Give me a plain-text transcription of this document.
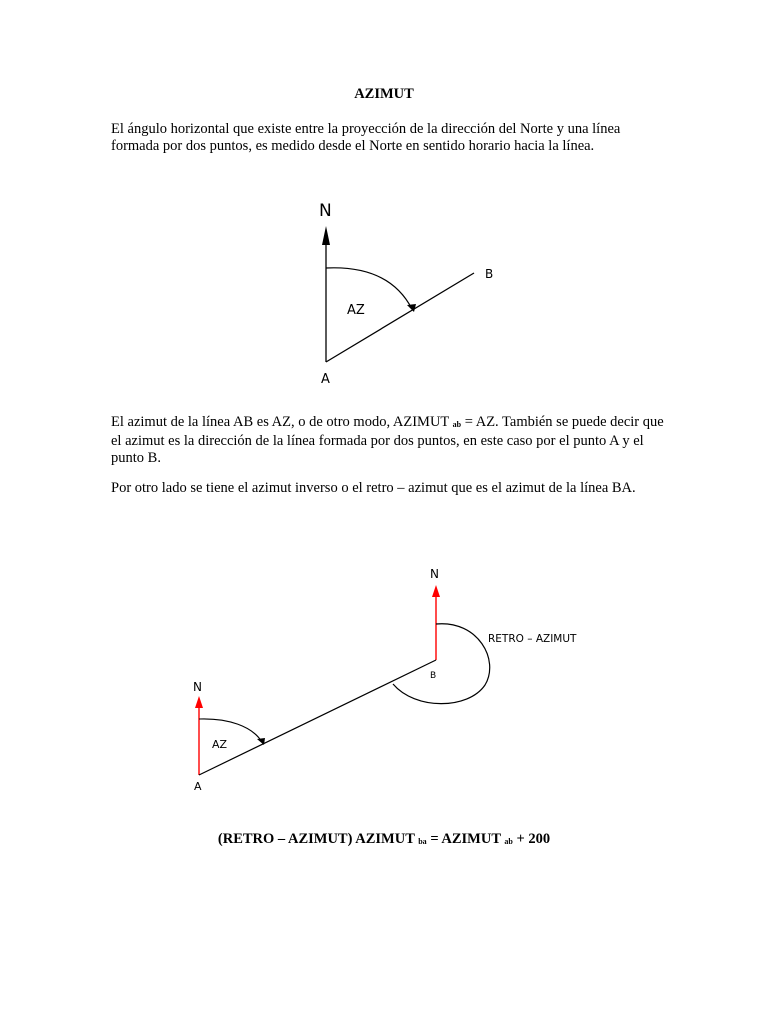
AZIMUT

El ángulo horizontal que existe entre la proyección de la dirección del Norte y una línea formada por dos puntos, es medido desde el Norte en sentido horario hacia la línea.

N
AZ
A
B

El azimut de la línea AB es AZ, o de otro modo, AZIMUT $_{ab}$ = AZ. También se puede decir que el azimut es la dirección de la línea formada por dos puntos, en este caso por el punto A y el punto B.

Por otro lado se tiene el azimut inverso o el retro – azimut que es el azimut de la línea BA.

N
N
AZ
RETRO – AZIMUT
A
B

(RETRO – AZIMUT) AZIMUT $_{ba}$ = AZIMUT $_{ab}$ + 200
